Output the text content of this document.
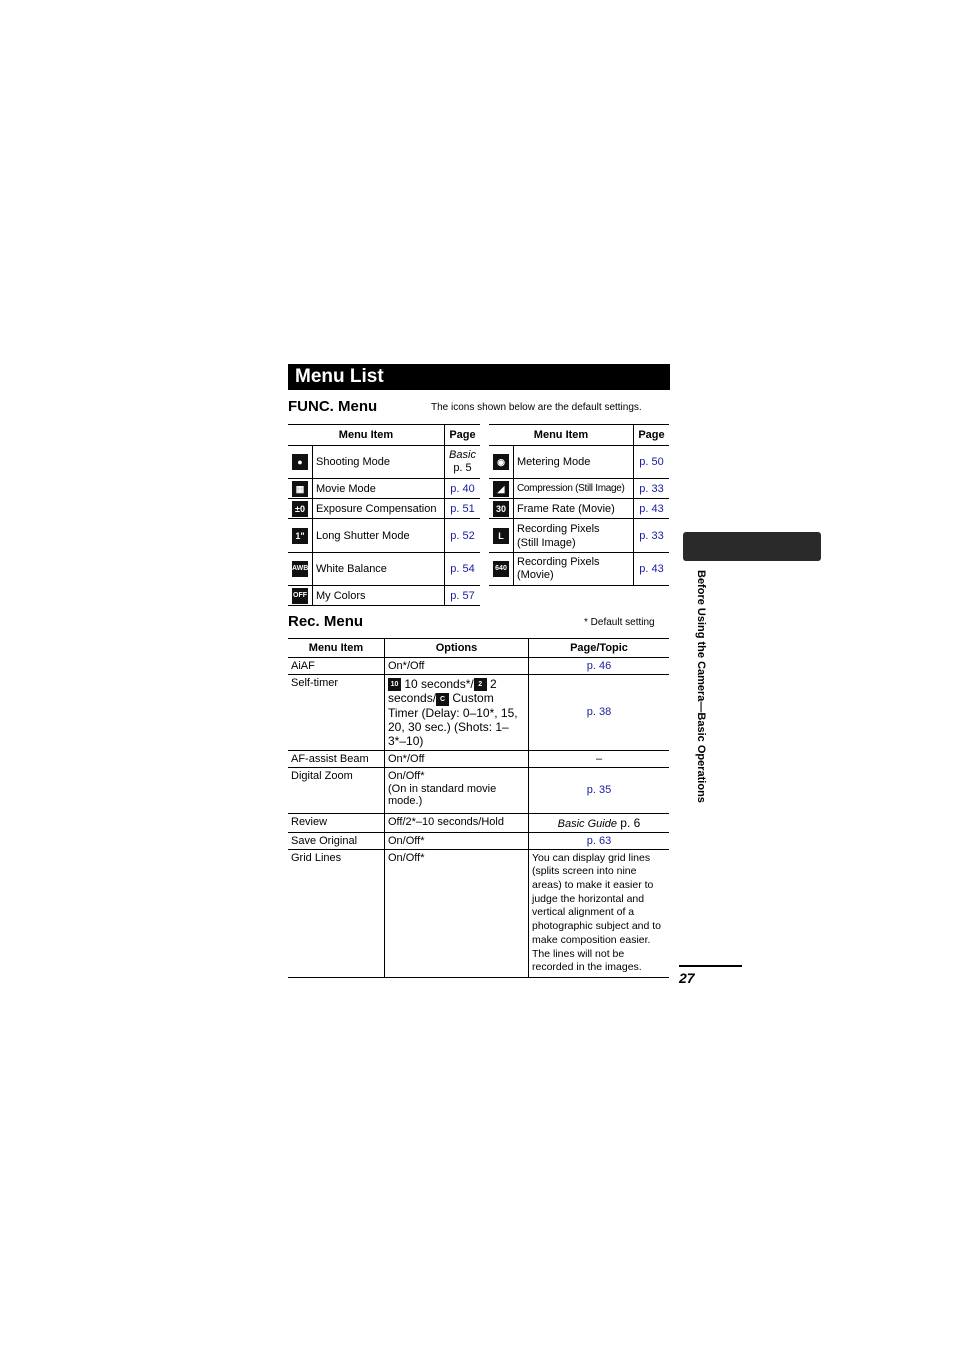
Menu List
FUNC. Menu	The icons shown below are the default settings.
Menu Item		Page
●	Shooting Mode	Basic
p. 5
▦	Movie Mode	p. 40
±0	Exposure Compensation	p. 51
1"	Long Shutter Mode	p. 52
AWB	White Balance	p. 54
OFF	My Colors	p. 57
Menu Item		Page
◉	Metering Mode	p. 50
◢	Compression (Still Image)	p. 33
30	Frame Rate (Movie)	p. 43
L	Recording Pixels
(Still Image)	p. 33
640	Recording Pixels
(Movie)	p. 43
Rec. Menu	* Default setting
Menu Item	Options	Page/Topic
AiAF	On*/Off	p. 46
Self-timer	10 10 seconds*/ 2 2 seconds/ C Custom Timer (Delay: 0–10*, 15, 20, 30 sec.) (Shots: 1–3*–10)	p. 38
AF-assist Beam	On*/Off	–
Digital Zoom	On/Off*
(On in standard movie mode.)	p. 35
Review	Off/2*–10 seconds/Hold	Basic Guide p. 6
Save Original	On/Off*	p. 63
Grid Lines	On/Off*	You can display grid lines (splits screen into nine areas) to make it easier to judge the horizontal and vertical alignment of a photographic subject and to make composition easier. The lines will not be recorded in the images.
Before Using the Camera—Basic Operations
27
